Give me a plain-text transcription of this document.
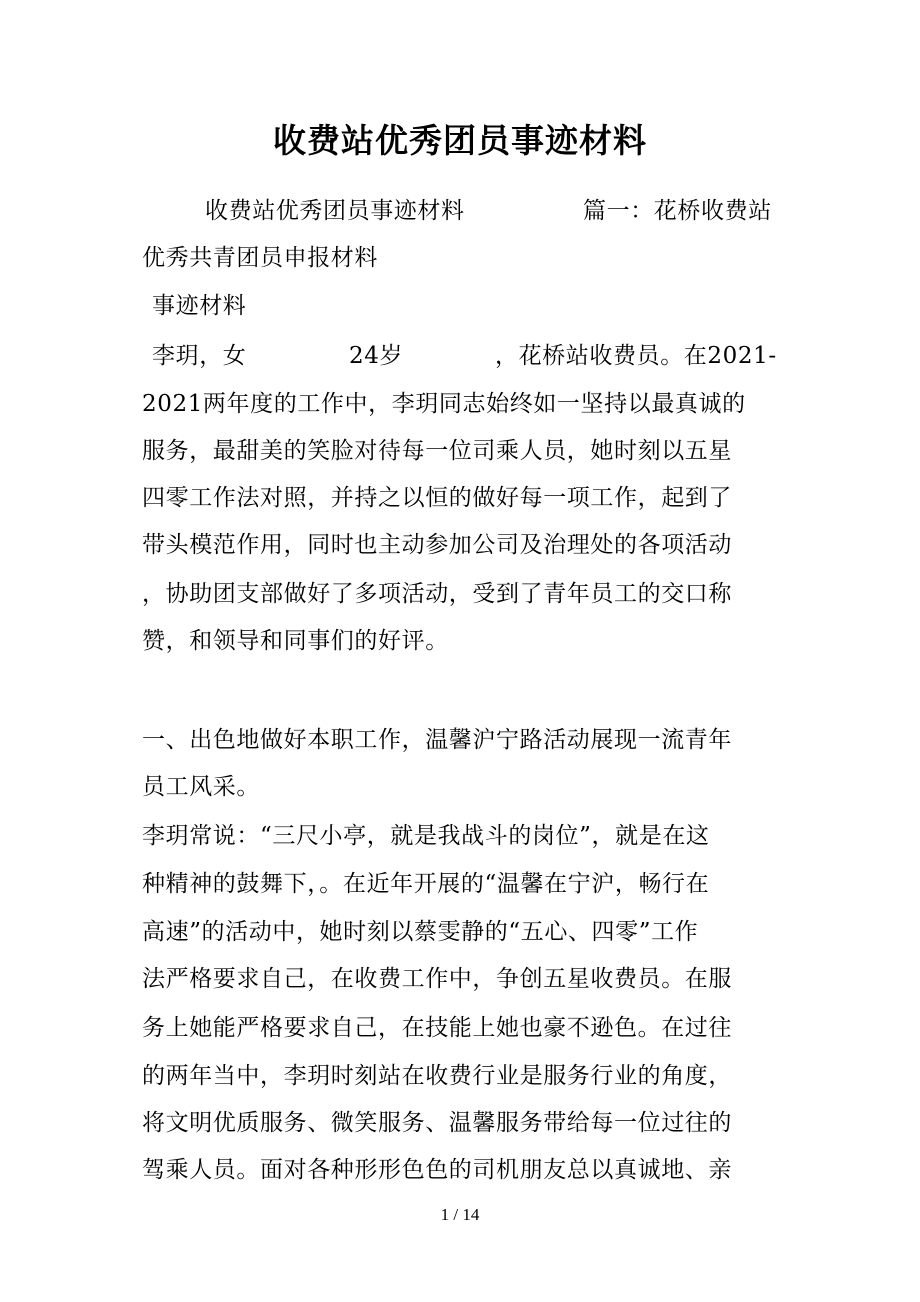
收费站优秀团员事迹材料
收费站优秀团员事迹材料	篇一：花桥收费站
优秀共青团员申报材料
事迹材料
李玥，女	24岁	，花桥站收费员。在2021-
2021两年度的工作中，李玥同志始终如一坚持以最真诚的
服务，最甜美的笑脸对待每一位司乘人员，她时刻以五星
四零工作法对照，并持之以恒的做好每一项工作，起到了
带头模范作用，同时也主动参加公司及治理处的各项活动
，协助团支部做好了多项活动，受到了青年员工的交口称
赞，和领导和同事们的好评。
一、出色地做好本职工作，温馨沪宁路活动展现一流青年
员工风采。
李玥常说：“三尺小亭，就是我战斗的岗位”，就是在这
种精神的鼓舞下，。在近年开展的“温馨在宁沪，畅行在
高速”的活动中，她时刻以蔡雯静的“五心、四零”工作
法严格要求自己，在收费工作中，争创五星收费员。在服
务上她能严格要求自己，在技能上她也豪不逊色。在过往
的两年当中，李玥时刻站在收费行业是服务行业的角度，
将文明优质服务、微笑服务、温馨服务带给每一位过往的
驾乘人员。面对各种形形色色的司机朋友总以真诚地、亲
1 / 14
